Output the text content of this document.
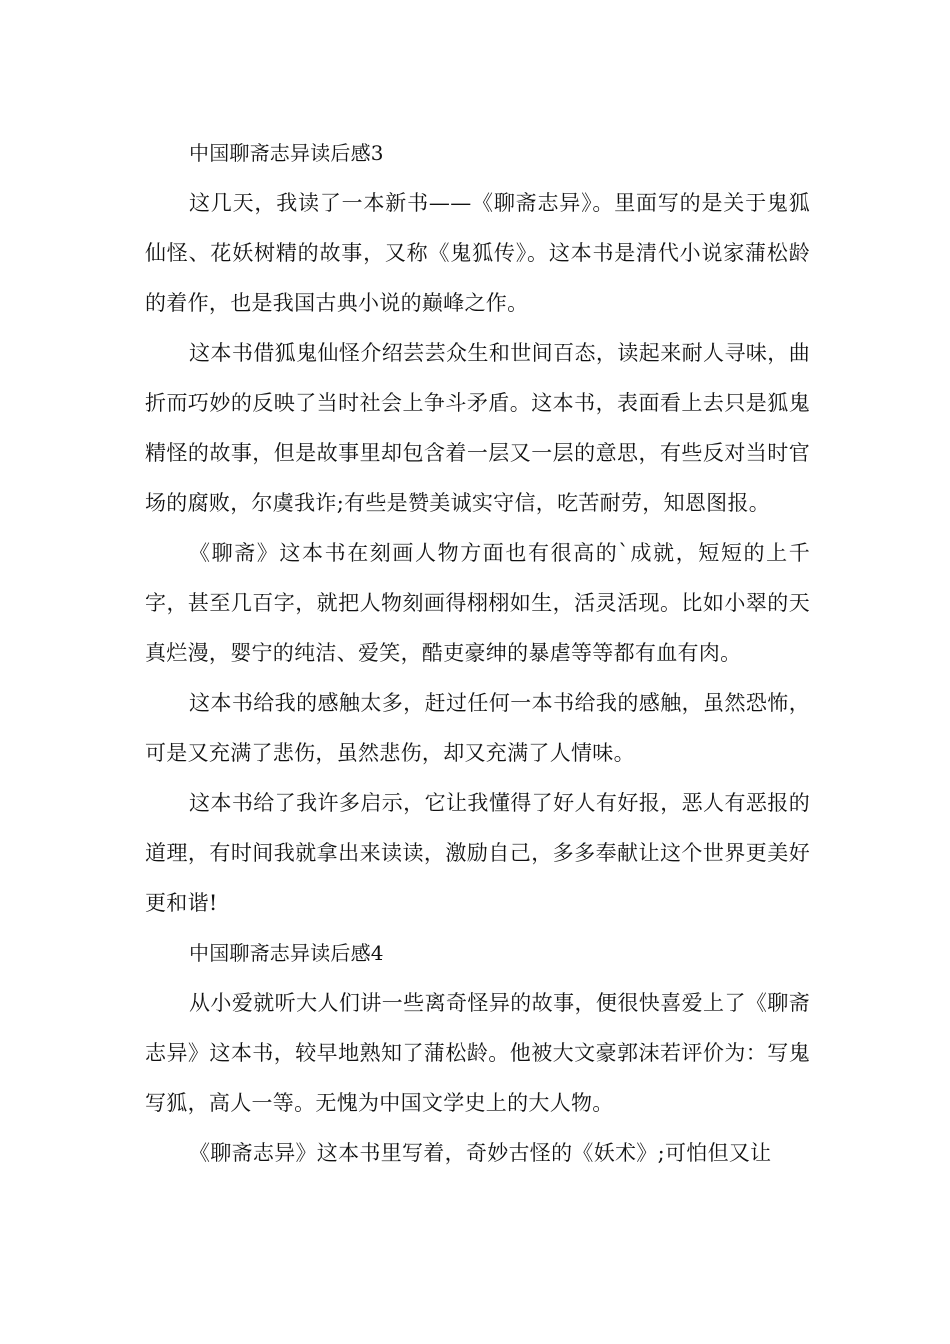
中国聊斋志异读后感3

这几天，我读了一本新书——《聊斋志异》。里面写的是关于鬼狐仙怪、花妖树精的故事，又称《鬼狐传》。这本书是清代小说家蒲松龄的着作，也是我国古典小说的巅峰之作。

这本书借狐鬼仙怪介绍芸芸众生和世间百态，读起来耐人寻味，曲折而巧妙的反映了当时社会上争斗矛盾。这本书，表面看上去只是狐鬼精怪的故事，但是故事里却包含着一层又一层的意思，有些反对当时官场的腐败，尔虞我诈;有些是赞美诚实守信，吃苦耐劳，知恩图报。

《聊斋》这本书在刻画人物方面也有很高的`成就，短短的上千字，甚至几百字，就把人物刻画得栩栩如生，活灵活现。比如小翠的天真烂漫，婴宁的纯洁、爱笑，酷吏豪绅的暴虐等等都有血有肉。

这本书给我的感触太多，赶过任何一本书给我的感触，虽然恐怖，可是又充满了悲伤，虽然悲伤，却又充满了人情味。

这本书给了我许多启示，它让我懂得了好人有好报，恶人有恶报的道理，有时间我就拿出来读读，激励自己，多多奉献让这个世界更美好更和谐!

中国聊斋志异读后感4

从小爱就听大人们讲一些离奇怪异的故事，便很快喜爱上了《聊斋志异》这本书，较早地熟知了蒲松龄。他被大文豪郭沫若评价为：写鬼写狐，高人一等。无愧为中国文学史上的大人物。

《聊斋志异》这本书里写着，奇妙古怪的《妖术》;可怕但又让
